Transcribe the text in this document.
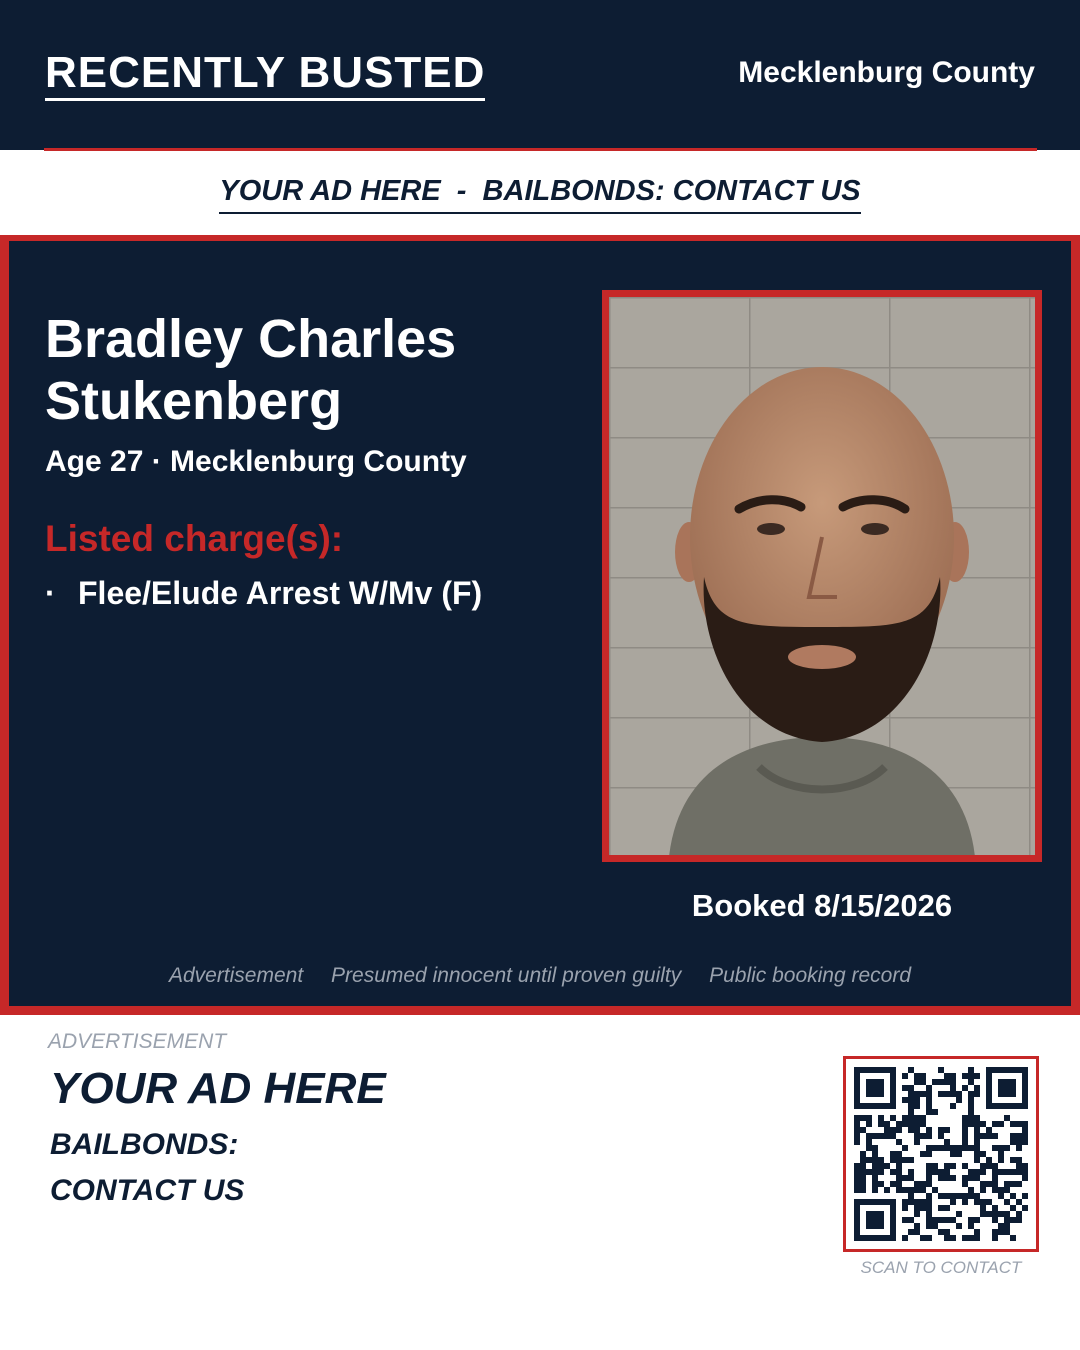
RECENTLY BUSTED	Mecklenburg County
YOUR AD HERE  -  BAILBONDS: CONTACT US
Bradley Charles
Stukenberg
Age 27 · Mecklenburg County
Listed charge(s):
· Flee/Elude Arrest W/Mv (F)
Booked 8/15/2026
Advertisement Presumed innocent until proven guilty Public booking record
ADVERTISEMENT
YOUR AD HERE
BAILBONDS:
CONTACT US
SCAN TO CONTACT
